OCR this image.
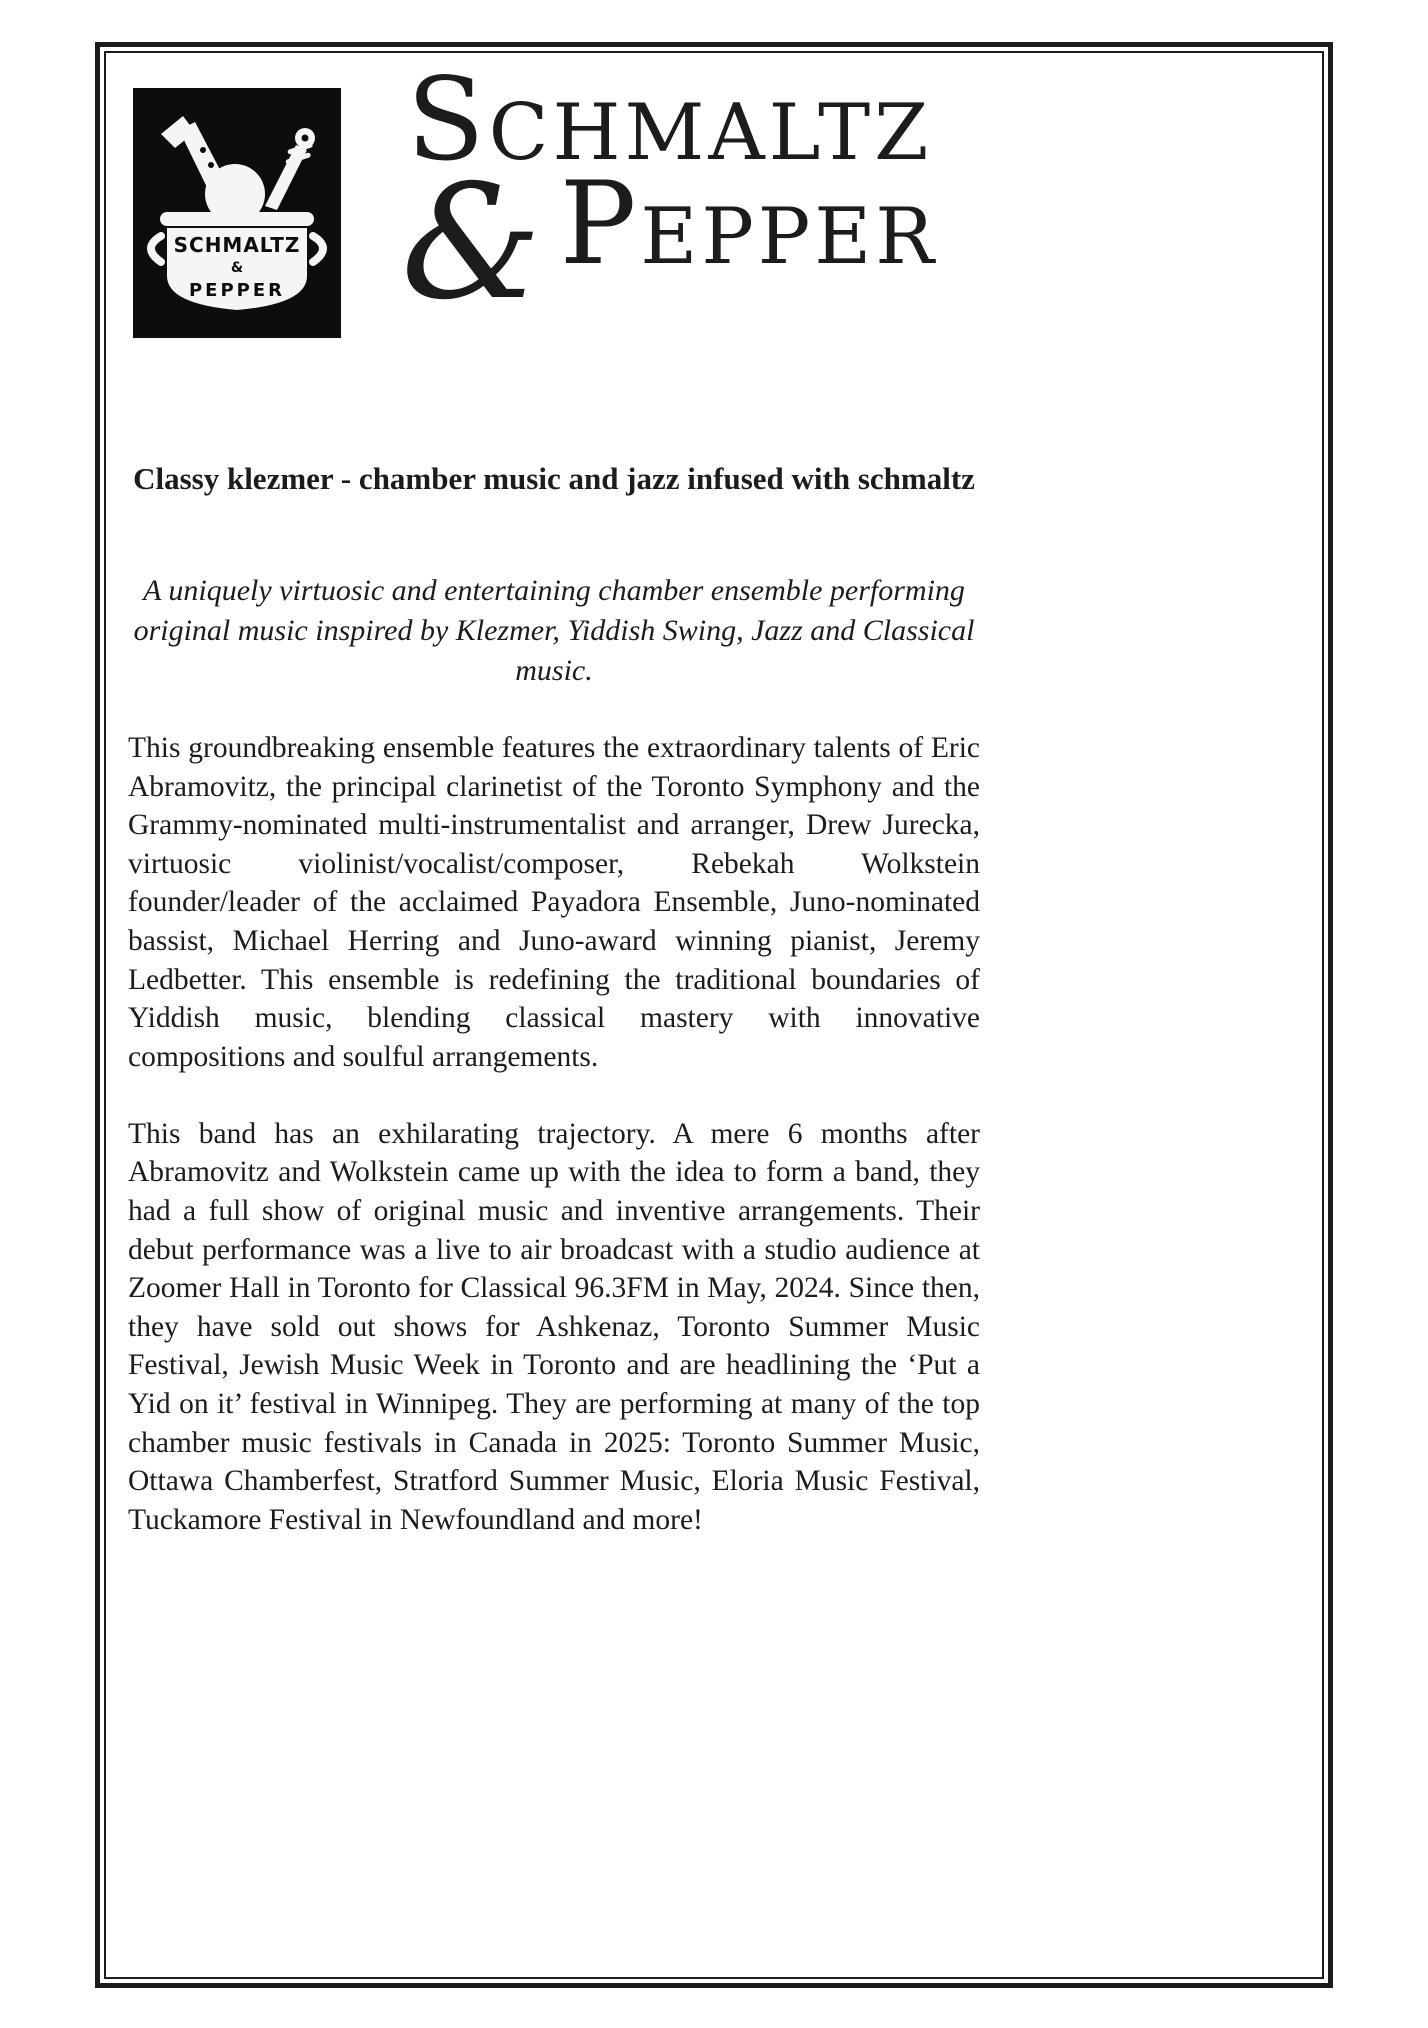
SCHMALTZ
&
PEPPER
SCHMALTZ
& PEPPER
Classy klezmer - chamber music and jazz infused with schmaltz
A uniquely virtuosic and entertaining chamber ensemble performing original music inspired by Klezmer, Yiddish Swing, Jazz and Classical music.
This groundbreaking ensemble features the extraordinary talents of Eric Abramovitz, the principal clarinetist of the Toronto Symphony and the Grammy-nominated multi-instrumentalist and arranger, Drew Jurecka, virtuosic violinist/vocalist/composer, Rebekah Wolkstein founder/leader of the acclaimed Payadora Ensemble, Juno-nominated bassist, Michael Herring and Juno-award winning pianist, Jeremy Ledbetter. This ensemble is redefining the traditional boundaries of Yiddish music, blending classical mastery with innovative compositions and soulful arrangements.
This band has an exhilarating trajectory. A mere 6 months after Abramovitz and Wolkstein came up with the idea to form a band, they had a full show of original music and inventive arrangements. Their debut performance was a live to air broadcast with a studio audience at Zoomer Hall in Toronto for Classical 96.3FM in May, 2024. Since then, they have sold out shows for Ashkenaz, Toronto Summer Music Festival, Jewish Music Week in Toronto and are headlining the ‘Put a Yid on it’ festival in Winnipeg. They are performing at many of the top chamber music festivals in Canada in 2025: Toronto Summer Music, Ottawa Chamberfest, Stratford Summer Music, Eloria Music Festival, Tuckamore Festival in Newfoundland and more!
